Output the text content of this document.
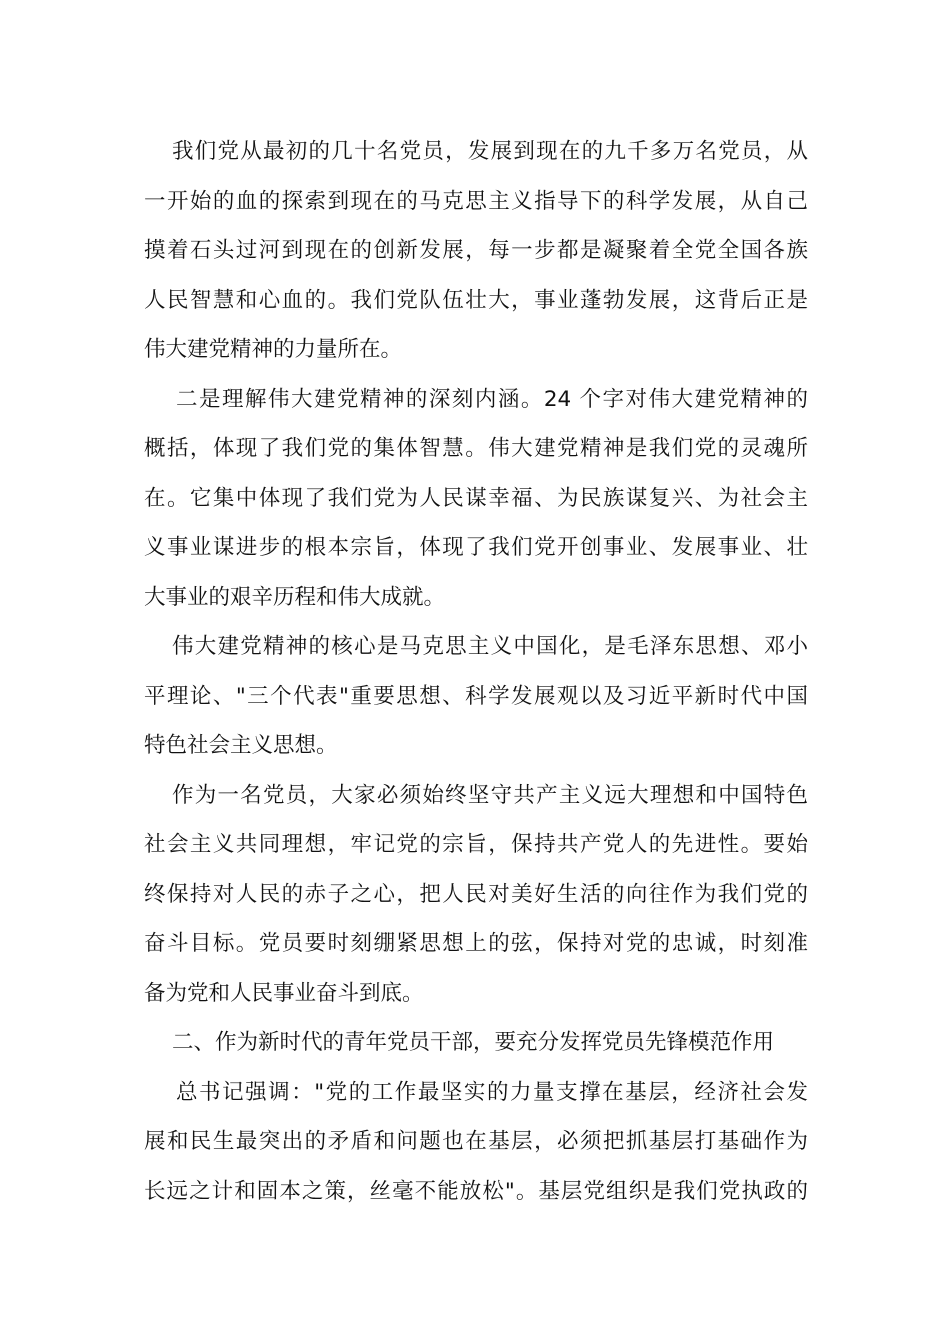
我们党从最初的几十名党员，发展到现在的九千多万名党员，从

一开始的血的探索到现在的马克思主义指导下的科学发展，从自己

摸着石头过河到现在的创新发展，每一步都是凝聚着全党全国各族

人民智慧和心血的。我们党队伍壮大，事业蓬勃发展，这背后正是

伟大建党精神的力量所在。

二是理解伟大建党精神的深刻内涵。24 个字对伟大建党精神的

概括，体现了我们党的集体智慧。伟大建党精神是我们党的灵魂所

在。它集中体现了我们党为人民谋幸福、为民族谋复兴、为社会主

义事业谋进步的根本宗旨，体现了我们党开创事业、发展事业、壮

大事业的艰辛历程和伟大成就。

伟大建党精神的核心是马克思主义中国化，是毛泽东思想、邓小

平理论、"三个代表"重要思想、科学发展观以及习近平新时代中国

特色社会主义思想。

作为一名党员，大家必须始终坚守共产主义远大理想和中国特色

社会主义共同理想，牢记党的宗旨，保持共产党人的先进性。要始

终保持对人民的赤子之心，把人民对美好生活的向往作为我们党的

奋斗目标。党员要时刻绷紧思想上的弦，保持对党的忠诚，时刻准

备为党和人民事业奋斗到底。

二、作为新时代的青年党员干部，要充分发挥党员先锋模范作用

总书记强调："党的工作最坚实的力量支撑在基层，经济社会发

展和民生最突出的矛盾和问题也在基层，必须把抓基层打基础作为

长远之计和固本之策，丝毫不能放松"。基层党组织是我们党执政的
